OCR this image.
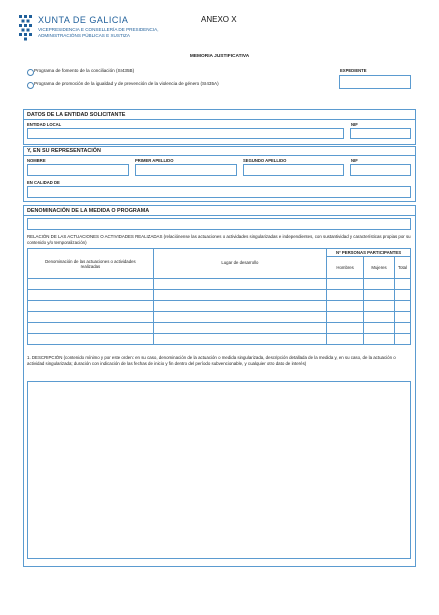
XUNTA DE GALICIA
VICEPRESIDENCIA E CONSELLERÍA DE PRESIDENCIA,
ADMINISTRACIÓNS PÚBLICAS E XUSTIZA
ANEXO X
MEMORIA JUSTIFICATIVA
Programa de fomento de la conciliación (SI435B)
Programa de promoción de la igualdad y de prevención de la violencia de género (SI435A)
EXPEDIENTE
DATOS DE LA ENTIDAD SOLICITANTE
ENTIDAD LOCAL	NIF
Y, EN SU REPRESENTACIÓN
NOMBRE	PRIMER APELLIDO	SEGUNDO APELLIDO	NIF
EN CALIDAD DE
DENOMINACIÓN DE LA MEDIDA O PROGRAMA
RELACIÓN DE LAS ACTUACIONES O ACTIVIDADES REALIZADAS (relaciónense las actuaciones o actividades singularizadas e independientes, con sustantividad y características propias por su contenido y/o temporalización)
Denominación de las actuaciones o actividades realizadas	Lugar de desarrollo	Nº PERSONAS PARTICIPANTES		
		Hombres	Mujeres	Total

1. DESCRIPCIÓN (contenido mínimo y por este orden: en su caso, denominación de la actuación o medida singularizada, descripción detallada de la medida y, en su caso, de la actuación o actividad singularizada; duración con indicación de las fechas de inicio y fin dentro del período subvencionable, y cualquier otro dato de interés)
